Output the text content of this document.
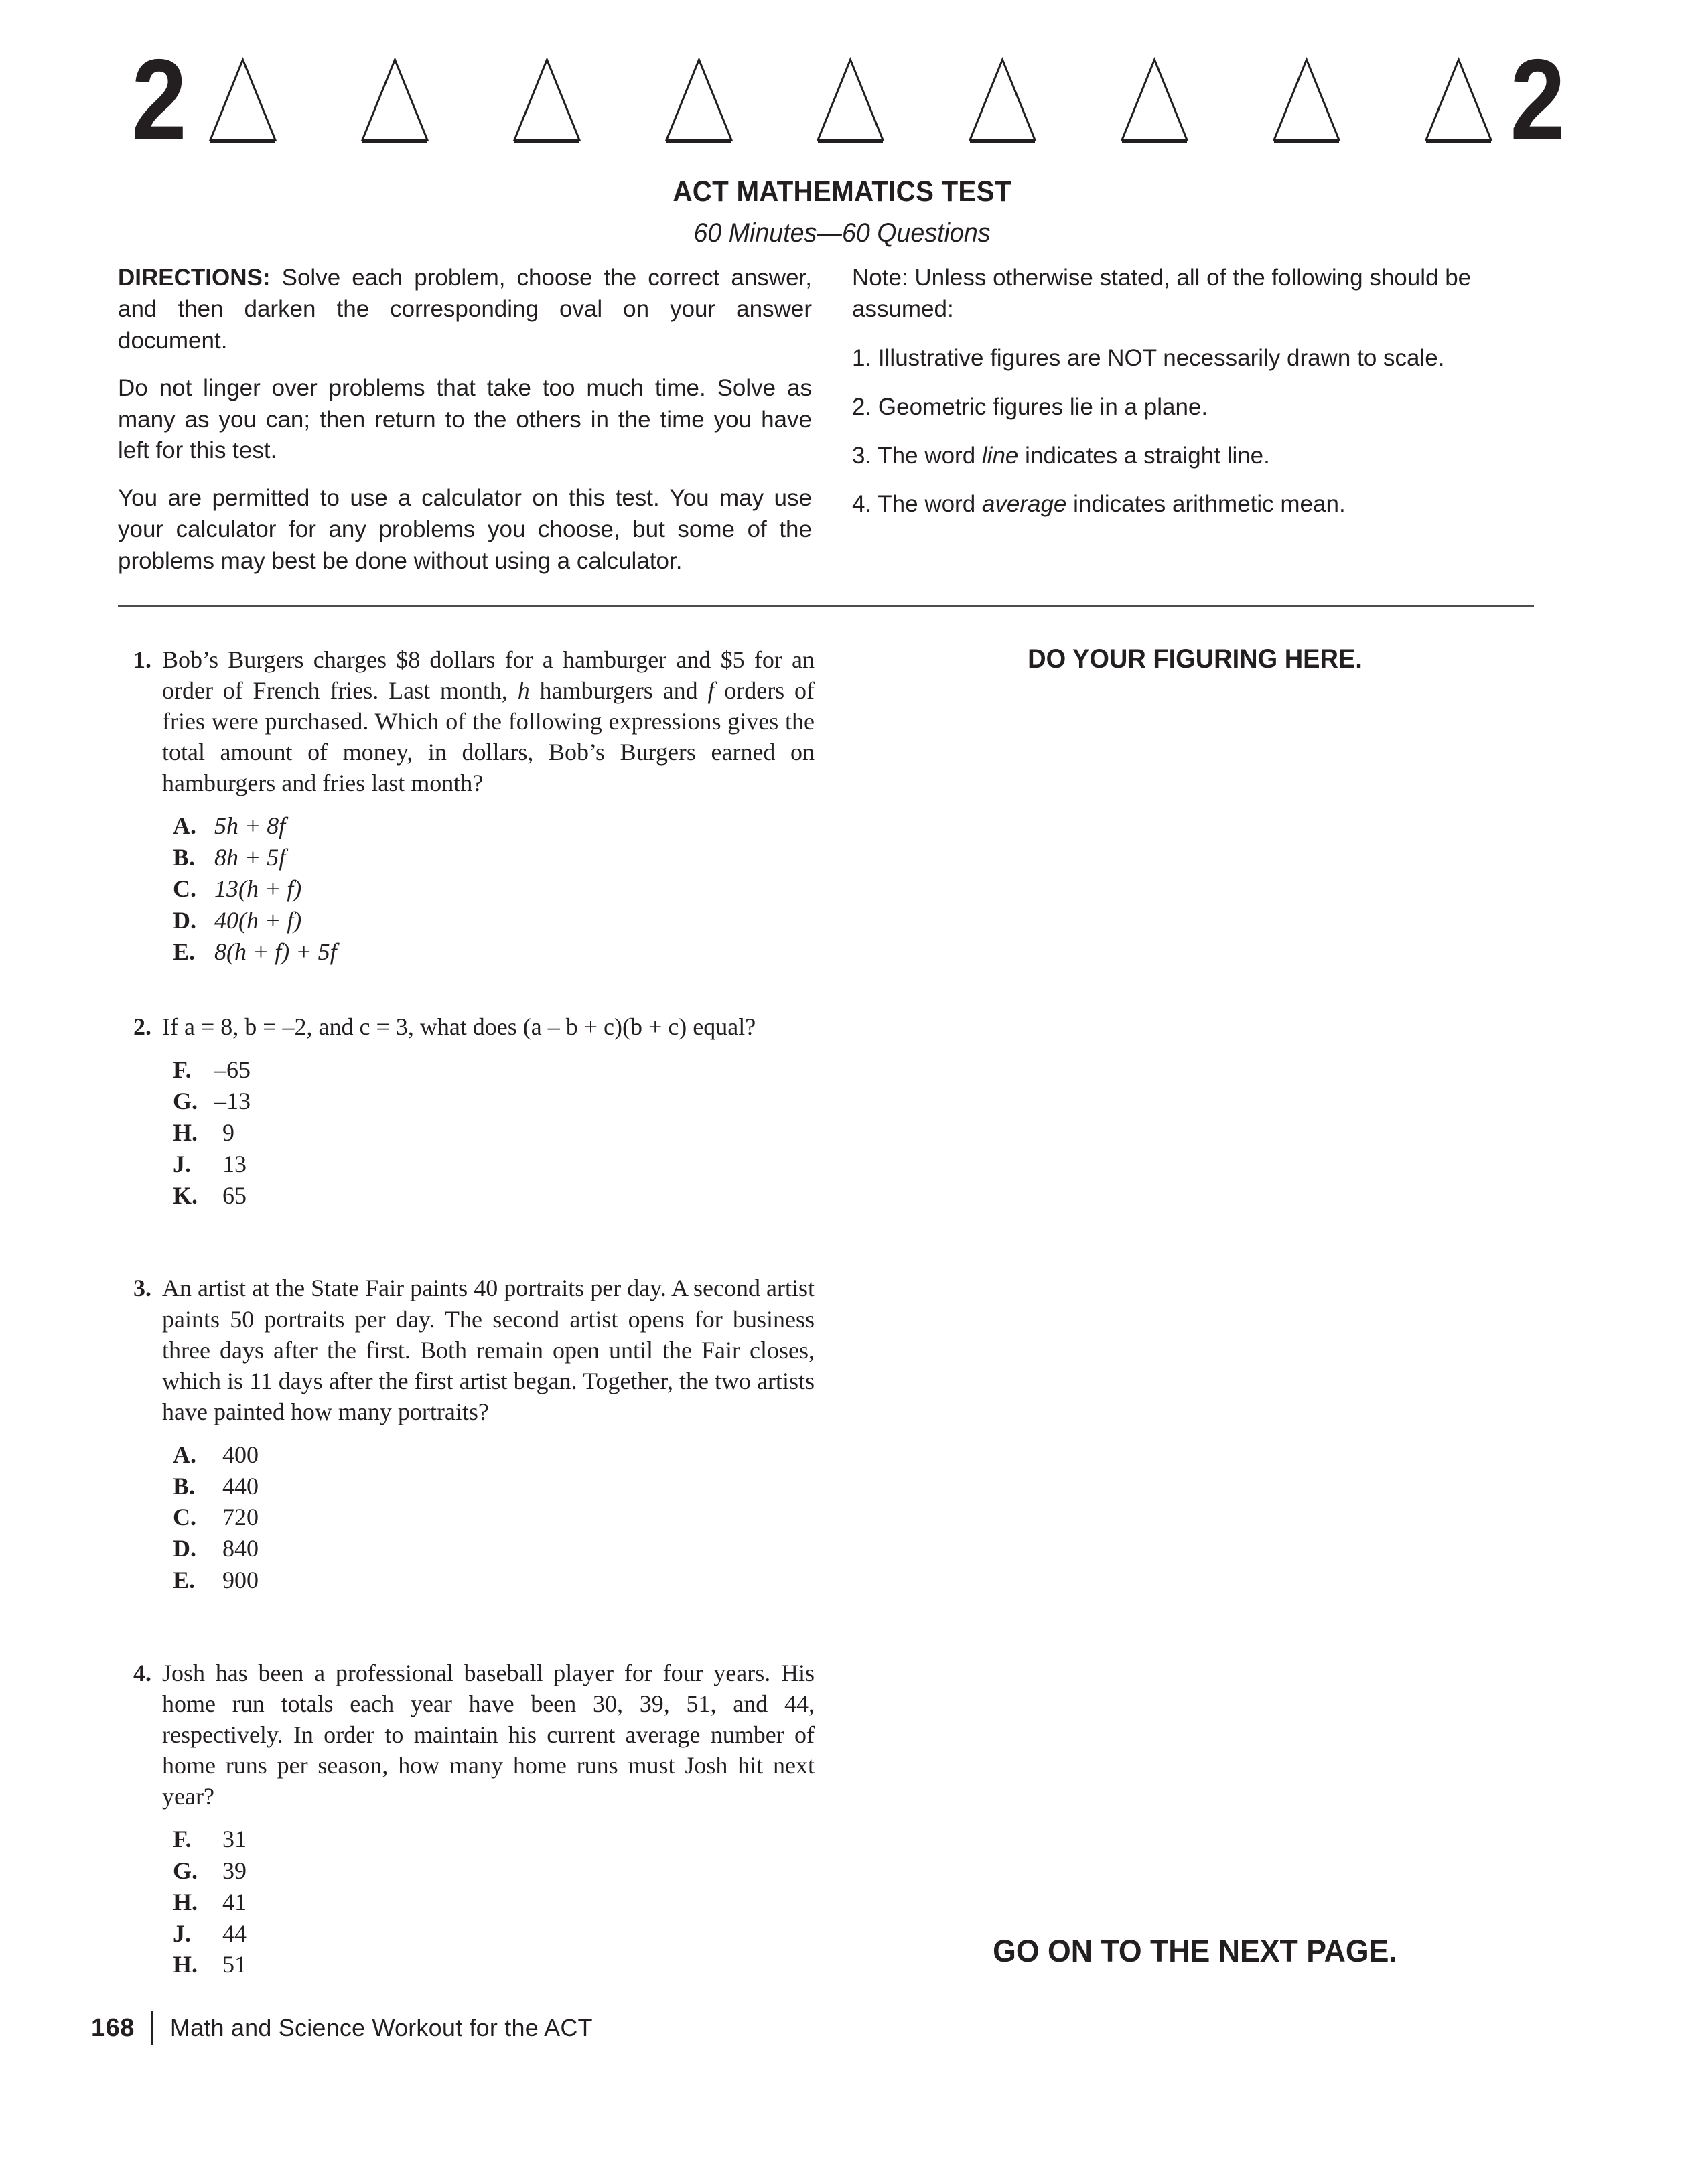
2	2
ACT MATHEMATICS TEST
60 Minutes—60 Questions

DIRECTIONS: Solve each problem, choose the correct answer, and then darken the corresponding oval on your answer document.

Do not linger over problems that take too much time. Solve as many as you can; then return to the others in the time you have left for this test.

You are permitted to use a calculator on this test. You may use your calculator for any problems you choose, but some of the problems may best be done without using a calculator.

Note: Unless otherwise stated, all of the following should be assumed:

1. Illustrative figures are NOT necessarily drawn to scale.

2. Geometric figures lie in a plane.

3. The word line indicates a straight line.

4. The word average indicates arithmetic mean.

1. Bob’s Burgers charges $8 dollars for a hamburger and $5 for an order of French fries. Last month, h hamburgers and f orders of fries were purchased. Which of the following expressions gives the total amount of money, in dollars, Bob’s Burgers earned on hamburgers and fries last month?
A. 5h + 8f
B. 8h + 5f
C. 13(h + f)
D. 40(h + f)
E. 8(h + f) + 5f
2. If a = 8, b = –2, and c = 3, what does (a – b + c)(b + c) equal?
F. –65
G. –13
H.	9
J.	13
K.	65
3. An artist at the State Fair paints 40 portraits per day. A second artist paints 50 portraits per day. The second artist opens for business three days after the first. Both remain open until the Fair closes, which is 11 days after the first artist began. Together, the two artists have painted how many portraits?
A.	400
B.	440
C.	720
D.	840
E.	900
4. Josh has been a professional baseball player for four years. His home run totals each year have been 30, 39, 51, and 44, respectively. In order to maintain his current average number of home runs per season, how many home runs must Josh hit next year?
F.	31
G.	39
H.	41
J.	44
H.	51
DO YOUR FIGURING HERE.
GO ON TO THE NEXT PAGE.
168 Math and Science Workout for the ACT
